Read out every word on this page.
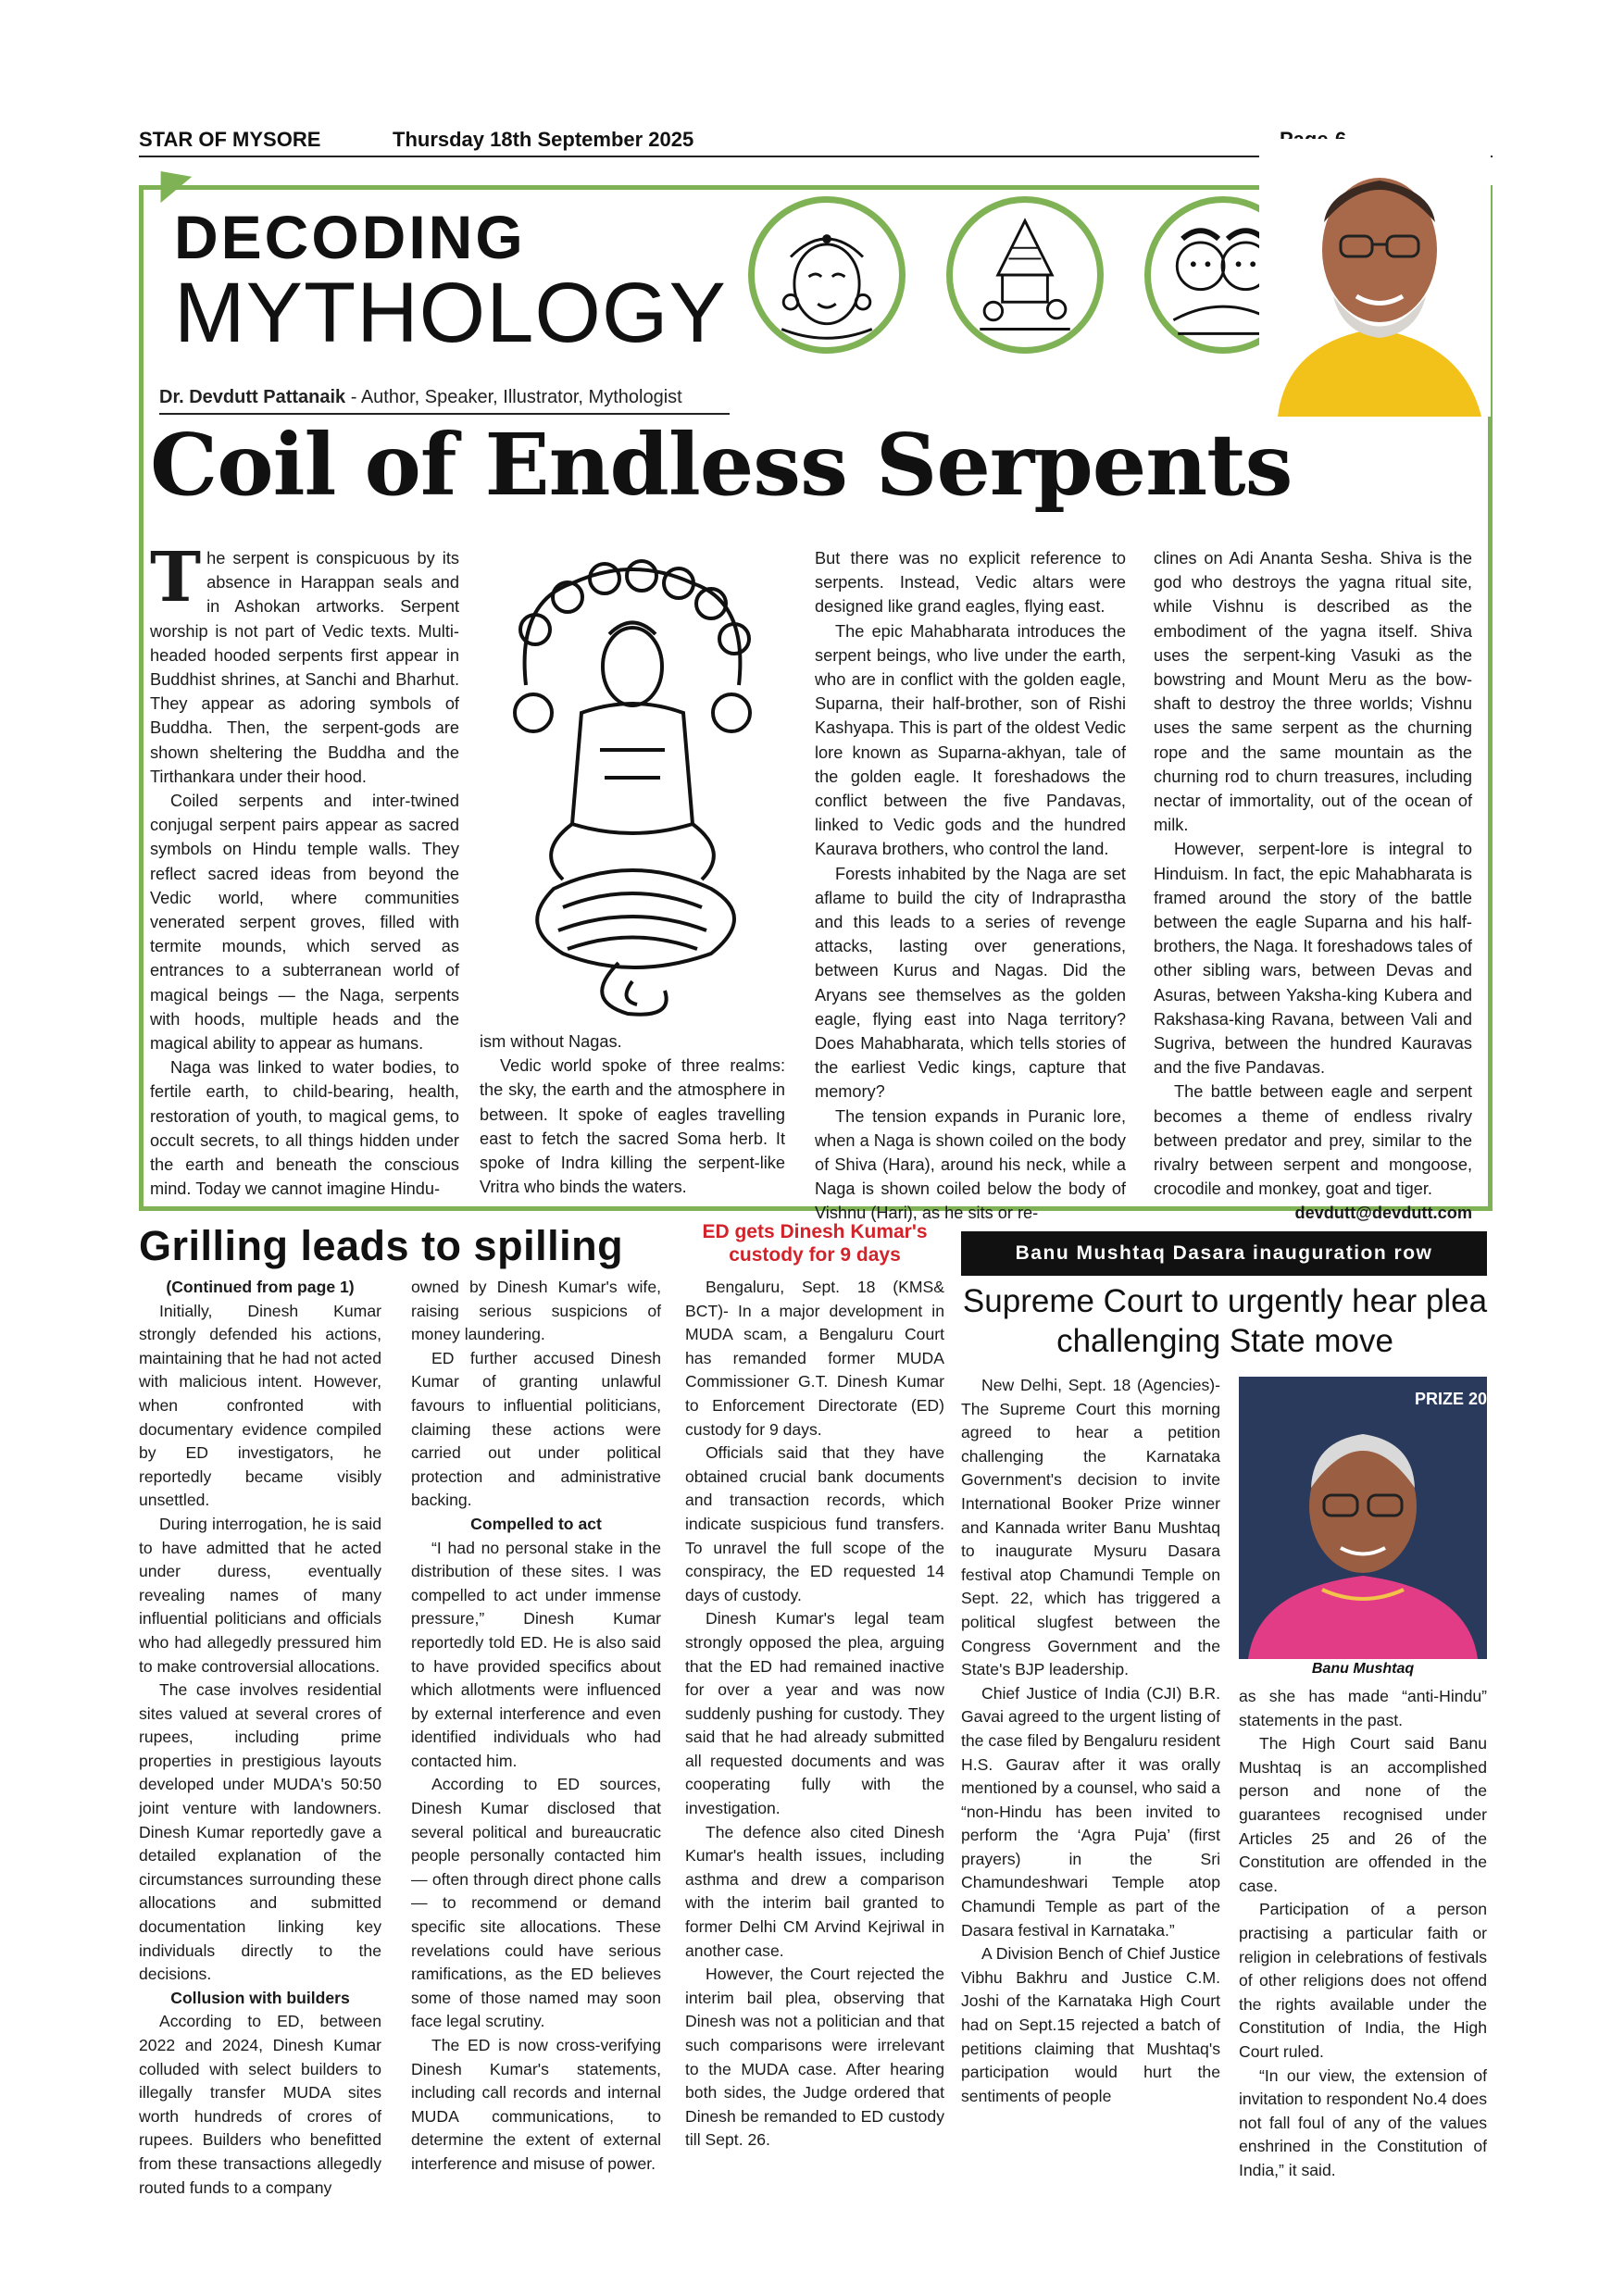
STAR OF MYSORE	Thursday 18th September 2025
DECODING
MYTHOLOGY
Dr. Devdutt Pattanaik - Author, Speaker, Illustrator, Mythologist
Coil of Endless Serpents

The serpent is conspicuous by its absence in Harappan seals and in Ashokan artworks. Serpent worship is not part of Vedic texts. Multi-headed hooded serpents first appear in Buddhist shrines, at Sanchi and Bharhut. They appear as adoring symbols of Buddha. Then, the serpent-gods are shown sheltering the Buddha and the Tirthankara under their hood.

Coiled serpents and inter-twined conjugal serpent pairs appear as sacred symbols on Hindu temple walls. They reflect sacred ideas from beyond the Vedic world, where communities venerated serpent groves, filled with termite mounds, which served as entrances to a subterranean world of magical beings — the Naga, serpents with hoods, multiple heads and the magical ability to appear as humans.

Naga was linked to water bodies, to fertile earth, to child-bearing, health, restoration of youth, to magical gems, to occult secrets, to all things hidden under the earth and beneath the conscious mind. Today we cannot imagine Hindu-

ism without Nagas.

Vedic world spoke of three realms: the sky, the earth and the atmosphere in between. It spoke of eagles travelling east to fetch the sacred Soma herb. It spoke of Indra killing the serpent-like Vritra who binds the waters.

But there was no explicit reference to serpents. Instead, Vedic altars were designed like grand eagles, flying east.

The epic Mahabharata introduces the serpent beings, who live under the earth, who are in conflict with the golden eagle, Suparna, their half-brother, son of Rishi Kashyapa. This is part of the oldest Vedic lore known as Suparna-akhyan, tale of the golden eagle. It foreshadows the conflict between the five Pandavas, linked to Vedic gods and the hundred Kaurava brothers, who control the land.

Forests inhabited by the Naga are set aflame to build the city of Indraprastha and this leads to a series of revenge attacks, lasting over generations, between Kurus and Nagas. Did the Aryans see themselves as the golden eagle, flying east into Naga territory? Does Mahabharata, which tells stories of the earliest Vedic kings, capture that memory?

The tension expands in Puranic lore, when a Naga is shown coiled on the body of Shiva (Hara), around his neck, while a Naga is shown coiled below the body of Vishnu (Hari), as he sits or re-

clines on Adi Ananta Sesha. Shiva is the god who destroys the yagna ritual site, while Vishnu is described as the embodiment of the yagna itself. Shiva uses the serpent-king Vasuki as the bowstring and Mount Meru as the bow-shaft to destroy the three worlds; Vishnu uses the same serpent as the churning rope and the same mountain as the churning rod to churn treasures, including nectar of immortality, out of the ocean of milk.

However, serpent-lore is integral to Hinduism. In fact, the epic Mahabharata is framed around the story of the battle between the eagle Suparna and his half-brothers, the Naga. It foreshadows tales of other sibling wars, between Devas and Asuras, between Yaksha-king Kubera and Rakshasa-king Ravana, between Vali and Sugriva, between the hundred Kauravas and the five Pandavas.

The battle between eagle and serpent becomes a theme of endless rivalry between predator and prey, similar to the rivalry between serpent and mongoose, crocodile and monkey, goat and tiger.

devdutt@devdutt.com

Grilling leads to spilling

(Continued from page 1)

Initially, Dinesh Kumar strongly defended his actions, maintaining that he had not acted with malicious intent. However, when confronted with documentary evidence compiled by ED investigators, he reportedly became visibly unsettled.

During interrogation, he is said to have admitted that he acted under duress, eventually revealing names of many influential politicians and officials who had allegedly pressured him to make controversial allocations.

The case involves residential sites valued at several crores of rupees, including prime properties in prestigious layouts developed under MUDA's 50:50 joint venture with landowners. Dinesh Kumar reportedly gave a detailed explanation of the circumstances surrounding these allocations and submitted documentation linking key individuals directly to the decisions.

Collusion with builders

According to ED, between 2022 and 2024, Dinesh Kumar colluded with select builders to illegally transfer MUDA sites worth hundreds of crores of rupees. Builders who benefitted from these transactions allegedly routed funds to a company

owned by Dinesh Kumar's wife, raising serious suspicions of money laundering.

ED further accused Dinesh Kumar of granting unlawful favours to influential politicians, claiming these actions were carried out under political protection and administrative backing.

Compelled to act

“I had no personal stake in the distribution of these sites. I was compelled to act under immense pressure,” Dinesh Kumar reportedly told ED. He is also said to have provided specifics about which allotments were influenced by external interference and even identified individuals who had contacted him.

According to ED sources, Dinesh Kumar disclosed that several political and bureaucratic people personally contacted him — often through direct phone calls — to recommend or demand specific site allocations. These revelations could have serious ramifications, as the ED believes some of those named may soon face legal scrutiny.

The ED is now cross-verifying Dinesh Kumar's statements, including call records and internal MUDA communications, to determine the extent of external interference and misuse of power.

ED gets Dinesh Kumar's custody for 9 days

Bengaluru, Sept. 18 (KMS& BCT)- In a major development in MUDA scam, a Bengaluru Court has remanded former MUDA Commissioner G.T. Dinesh Kumar to Enforcement Directorate (ED) custody for 9 days.

Officials said that they have obtained crucial bank documents and transaction records, which indicate suspicious fund transfers. To unravel the full scope of the conspiracy, the ED requested 14 days of custody.

Dinesh Kumar's legal team strongly opposed the plea, arguing that the ED had remained inactive for over a year and was now suddenly pushing for custody. They said that he had already submitted all requested documents and was cooperating fully with the investigation.

The defence also cited Dinesh Kumar's health issues, including asthma and drew a comparison with the interim bail granted to former Delhi CM Arvind Kejriwal in another case.

However, the Court rejected the interim bail plea, observing that Dinesh was not a politician and that such comparisons were irrelevant to the MUDA case. After hearing both sides, the Judge ordered that Dinesh be remanded to ED custody till Sept. 26.

Banu Mushtaq Dasara inauguration row
Supreme Court to urgently hear plea challenging State move

New Delhi, Sept. 18 (Agencies)- The Supreme Court this morning agreed to hear a petition challenging the Karnataka Government's decision to invite International Booker Prize winner and Kannada writer Banu Mushtaq to inaugurate Mysuru Dasara festival atop Chamundi Temple on Sept. 22, which has triggered a political slugfest between the Congress Government and the State's BJP leadership.

Chief Justice of India (CJI) B.R. Gavai agreed to the urgent listing of the case filed by Bengaluru resident H.S. Gaurav after it was orally mentioned by a counsel, who said a “non-Hindu has been invited to perform the ‘Agra Puja’ (first prayers) in the Sri Chamundeshwari Temple atop Chamundi Temple as part of the Dasara festival in Karnataka.”

A Division Bench of Chief Justice Vibhu Bakhru and Justice C.M. Joshi of the Karnataka High Court had on Sept.15 rejected a batch of petitions claiming that Mushtaq's participation would hurt the sentiments of people

PRIZE 2025
Banu Mushtaq

as she has made “anti-Hindu” statements in the past.

The High Court said Banu Mushtaq is an accomplished person and none of the guarantees recognised under Articles 25 and 26 of the Constitution are offended in the case.

Participation of a person practising a particular faith or religion in celebrations of festivals of other religions does not offend the rights available under the Constitution of India, the High Court ruled.

“In our view, the extension of invitation to respondent No.4 does not fall foul of any of the values enshrined in the Constitution of India,” it said.
